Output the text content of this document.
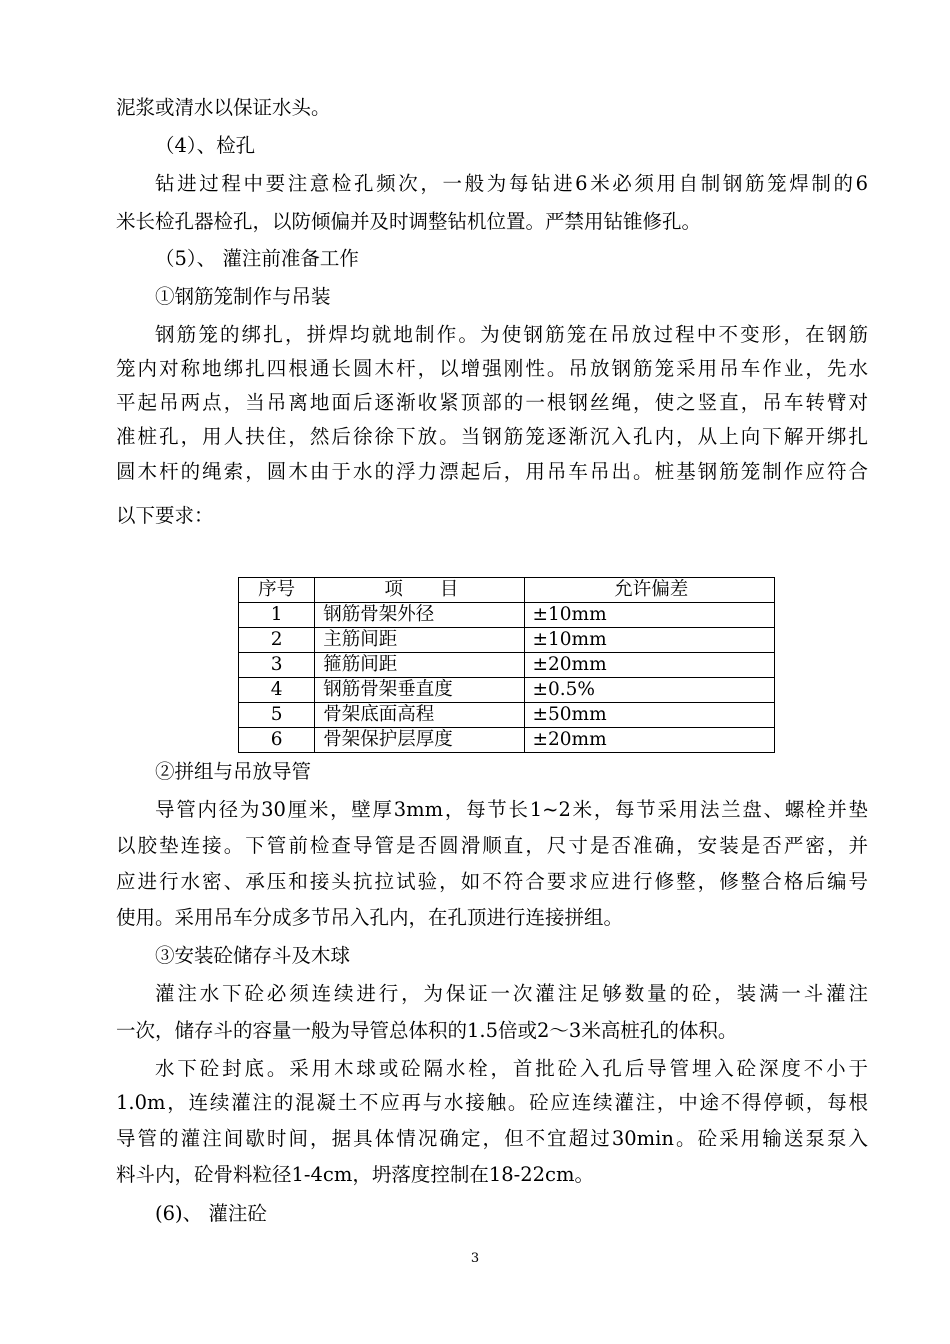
泥浆或清水以保证水头。
（4）、检孔
钻进过程中要注意检孔频次，一般为每钻进6米必须用自制钢筋笼焊制的6
米长检孔器检孔，以防倾偏并及时调整钻机位置。严禁用钻锥修孔。
（5）、 灌注前准备工作
①钢筋笼制作与吊装
钢筋笼的绑扎，拼焊均就地制作。为使钢筋笼在吊放过程中不变形，在钢筋
笼内对称地绑扎四根通长圆木杆，以增强刚性。吊放钢筋笼采用吊车作业，先水
平起吊两点，当吊离地面后逐渐收紧顶部的一根钢丝绳，使之竖直，吊车转臂对
准桩孔，用人扶住，然后徐徐下放。当钢筋笼逐渐沉入孔内，从上向下解开绑扎
圆木杆的绳索，圆木由于水的浮力漂起后，用吊车吊出。桩基钢筋笼制作应符合
以下要求：
序号	项　　目	允许偏差
1	钢筋骨架外径	±10mm
2	主筋间距	±10mm
3	箍筋间距	±20mm
4	钢筋骨架垂直度	±0.5%
5	骨架底面高程	±50mm
6	骨架保护层厚度	±20mm
②拼组与吊放导管
导管内径为30厘米，壁厚3mm，每节长1~2米，每节采用法兰盘、螺栓并垫
以胶垫连接。下管前检查导管是否圆滑顺直，尺寸是否准确，安装是否严密，并
应进行水密、承压和接头抗拉试验，如不符合要求应进行修整，修整合格后编号
使用。采用吊车分成多节吊入孔内，在孔顶进行连接拼组。
③安装砼储存斗及木球
灌注水下砼必须连续进行，为保证一次灌注足够数量的砼，装满一斗灌注
一次，储存斗的容量一般为导管总体积的1.5倍或2～3米高桩孔的体积。
水下砼封底。采用木球或砼隔水栓，首批砼入孔后导管埋入砼深度不小于
1.0m，连续灌注的混凝土不应再与水接触。砼应连续灌注，中途不得停顿，每根
导管的灌注间歇时间，据具体情况确定，但不宜超过30min。砼采用输送泵泵入
料斗内，砼骨料粒径1-4cm，坍落度控制在18-22cm。
(6)、 灌注砼
3
